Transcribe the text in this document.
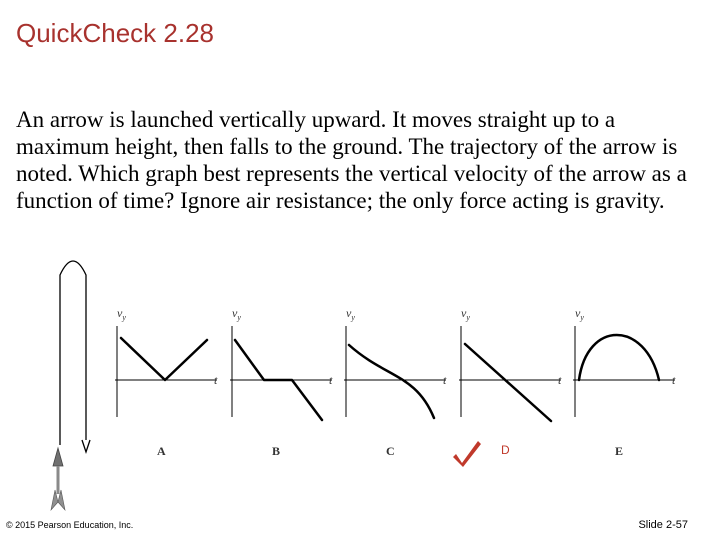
QuickCheck 2.28
An arrow is launched vertically upward. It moves straight up to a maximum height, then falls to the ground. The trajectory of the arrow is noted. Which graph best represents the vertical velocity of the arrow as a function of time? Ignore air resistance; the only force acting is gravity.
$v_y$
t
A
$v_y$
t
B
$v_y$
t
C
$v_y$
t
$v_y$
t
E
D
© 2015 Pearson Education, Inc.	Slide 2-57
